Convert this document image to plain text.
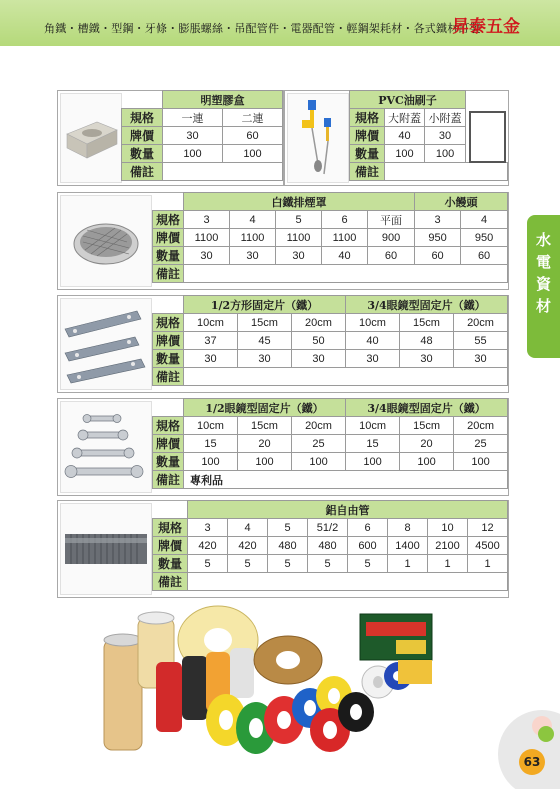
角鐵・槽鐵・型鋼・牙條・膨脹螺絲・吊配管件・電器配管・輕鋼架耗材・各式鐵材訂製
昇泰五金
水
電
資
材
	明塑膠盒	
規格	一連	二連
牌價	30	60
數量	100	100
備註		
PVC油刷子			
規格	大附蓋	小附蓋	

牌價	40	30	
數量	100	100	
備註			
	白鐵排煙罩					小饅頭	
規格	3	4	5	6	平面	3	4
牌價	1100	1100	1100	1100	900	950	950
數量	30	30	30	40	60	60	60
備註							
	1/2方形固定片（鐵）			3/4眼鏡型固定片（鐵）		
規格	10cm	15cm	20cm	10cm	15cm	20cm
牌價	37	45	50	40	48	55
數量	30	30	30	30	30	30
備註						
	1/2眼鏡型固定片（鐵）			3/4眼鏡型固定片（鐵）		
規格	10cm	15cm	20cm	10cm	15cm	20cm
牌價	15	20	25	15	20	25
數量	100	100	100	100	100	100
備註	專利品					
	鋁自由管							
規格	3	4	5	51/2	6	8	10	12
牌價	420	420	480	480	600	1400	2100	4500
數量	5	5	5	5	5	1	1	1
備註								
63
